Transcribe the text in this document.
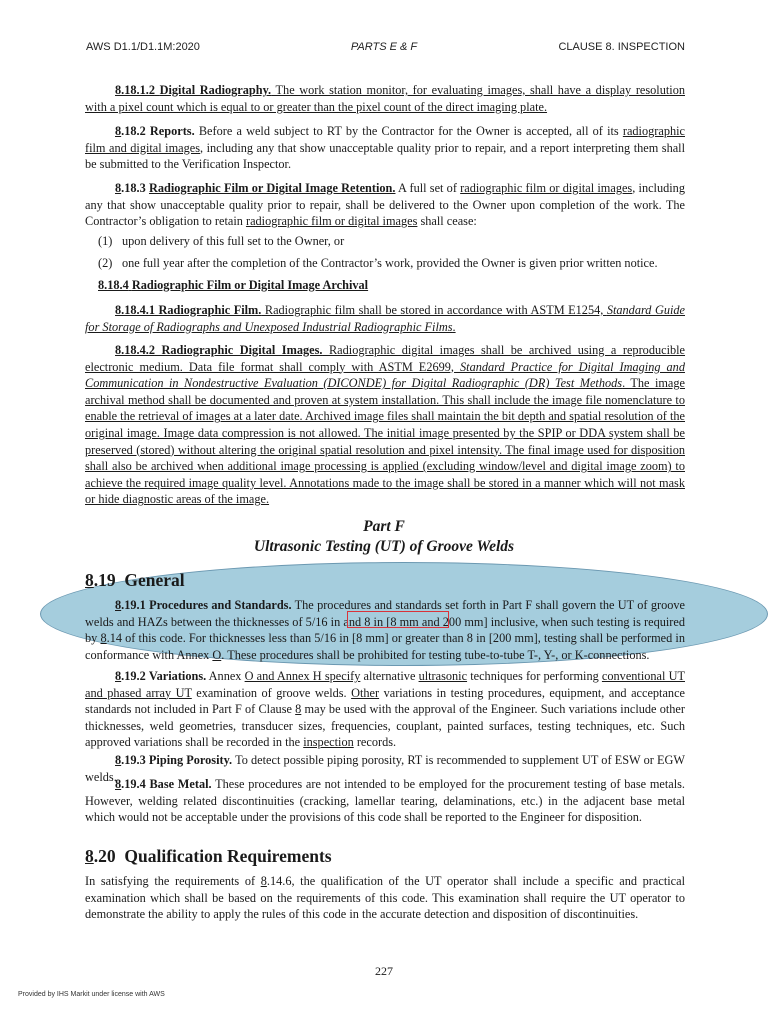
AWS D1.1/D1.1M:2020	PARTS E & F	CLAUSE 8. INSPECTION
8.18.1.2 Digital Radiography. The work station monitor, for evaluating images, shall have a display resolution with a pixel count which is equal to or greater than the pixel count of the direct imaging plate.
8.18.2 Reports. Before a weld subject to RT by the Contractor for the Owner is accepted, all of its radiographic film and digital images, including any that show unacceptable quality prior to repair, and a report interpreting them shall be submitted to the Verification Inspector.
8.18.3 Radiographic Film or Digital Image Retention. A full set of radiographic film or digital images, including any that show unacceptable quality prior to repair, shall be delivered to the Owner upon completion of the work. The Contractor’s obligation to retain radiographic film or digital images shall cease:
(1) upon delivery of this full set to the Owner, or
(2) one full year after the completion of the Contractor’s work, provided the Owner is given prior written notice.
8.18.4 Radiographic Film or Digital Image Archival
8.18.4.1 Radiographic Film. Radiographic film shall be stored in accordance with ASTM E1254, Standard Guide for Storage of Radiographs and Unexposed Industrial Radiographic Films.
8.18.4.2 Radiographic Digital Images. Radiographic digital images shall be archived using a reproducible electronic medium. Data file format shall comply with ASTM E2699, Standard Practice for Digital Imaging and Communication in Nondestructive Evaluation (DICONDE) for Digital Radiographic (DR) Test Methods. The image archival method shall be documented and proven at system installation. This shall include the image file nomenclature to enable the retrieval of images at a later date. Archived image files shall maintain the bit depth and spatial resolution of the original image. Image data compression is not allowed. The initial image presented by the SPIP or DDA system shall be preserved (stored) without altering the original spatial resolution and pixel intensity. The final image used for disposition shall also be archived when additional image processing is applied (excluding window/level and digital image zoom) to achieve the required image quality level. Annotations made to the image shall be stored in a manner which will not mask or hide diagnostic areas of the image.
Part F
Ultrasonic Testing (UT) of Groove Welds
8.19 General
8.19.1 Procedures and Standards. The procedures and standards set forth in Part F shall govern the UT of groove welds and HAZs between the thicknesses of 5/16 in and 8 in [8 mm and 200 mm] inclusive, when such testing is required by 8.14 of this code. For thicknesses less than 5/16 in [8 mm] or greater than 8 in [200 mm], testing shall be performed in conformance with Annex O. These procedures shall be prohibited for testing tube-to-tube T-, Y-, or K-connections.
8.19.2 Variations. Annex O and Annex H specify alternative ultrasonic techniques for performing conventional UT and phased array UT examination of groove welds. Other variations in testing procedures, equipment, and acceptance standards not included in Part F of Clause 8 may be used with the approval of the Engineer. Such variations include other thicknesses, weld geometries, transducer sizes, frequencies, couplant, painted surfaces, testing techniques, etc. Such approved variations shall be recorded in the inspection records.
8.19.3 Piping Porosity. To detect possible piping porosity, RT is recommended to supplement UT of ESW or EGW welds.
8.19.4 Base Metal. These procedures are not intended to be employed for the procurement testing of base metals. However, welding related discontinuities (cracking, lamellar tearing, delaminations, etc.) in the adjacent base metal which would not be acceptable under the provisions of this code shall be reported to the Engineer for disposition.
8.20 Qualification Requirements
In satisfying the requirements of 8.14.6, the qualification of the UT operator shall include a specific and practical examination which shall be based on the requirements of this code. This examination shall require the UT operator to demonstrate the ability to apply the rules of this code in the accurate detection and disposition of discontinuities.
227
Provided by IHS Markit under license with AWS
